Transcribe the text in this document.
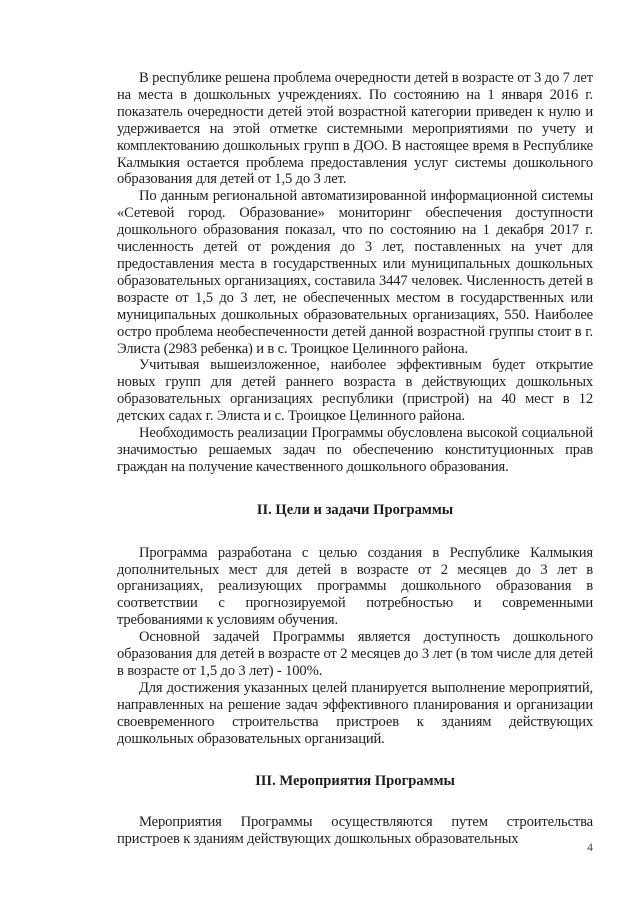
В республике решена проблема очередности детей в возрасте от 3 до 7 лет на места в дошкольных учреждениях. По состоянию на 1 января 2016 г. показатель очередности детей этой возрастной категории приведен к нулю и удерживается на этой отметке системными мероприятиями по учету и комплектованию дошкольных групп в ДОО. В настоящее время в Республике Калмыкия остается проблема предоставления услуг системы дошкольного образования для детей от 1,5 до 3 лет.

По данным региональной автоматизированной информационной системы «Сетевой город. Образование» мониторинг обеспечения доступности дошкольного образования показал, что по состоянию на 1 декабря 2017 г. численность детей от рождения до 3 лет, поставленных на учет для предоставления места в государственных или муниципальных дошкольных образовательных организациях, составила 3447 человек. Численность детей в возрасте от 1,5 до 3 лет, не обеспеченных местом в государственных или муниципальных дошкольных образовательных организациях, 550. Наиболее остро проблема необеспеченности детей данной возрастной группы стоит в г. Элиста (2983 ребенка) и в с. Троицкое Целинного района.

Учитывая вышеизложенное, наиболее эффективным будет открытие новых групп для детей раннего возраста в действующих дошкольных образовательных организациях республики (пристрой) на 40 мест в 12 детских садах г. Элиста и с. Троицкое Целинного района.

Необходимость реализации Программы обусловлена высокой социальной значимостью решаемых задач по обеспечению конституционных прав граждан на получение качественного дошкольного образования.

II. Цели и задачи Программы

Программа разработана с целью создания в Республике Калмыкия дополнительных мест для детей в возрасте от 2 месяцев до 3 лет в организациях, реализующих программы дошкольного образования в соответствии с прогнозируемой потребностью и современными требованиями к условиям обучения.

Основной задачей Программы является доступность дошкольного образования для детей в возрасте от 2 месяцев до 3 лет (в том числе для детей в возрасте от 1,5 до 3 лет) - 100%.

Для достижения указанных целей планируется выполнение мероприятий, направленных на решение задач эффективного планирования и организации своевременного строительства пристроев к зданиям действующих дошкольных образовательных организаций.

III. Мероприятия Программы

Мероприятия Программы осуществляются путем строительства пристроев к зданиям действующих дошкольных образовательных	4
